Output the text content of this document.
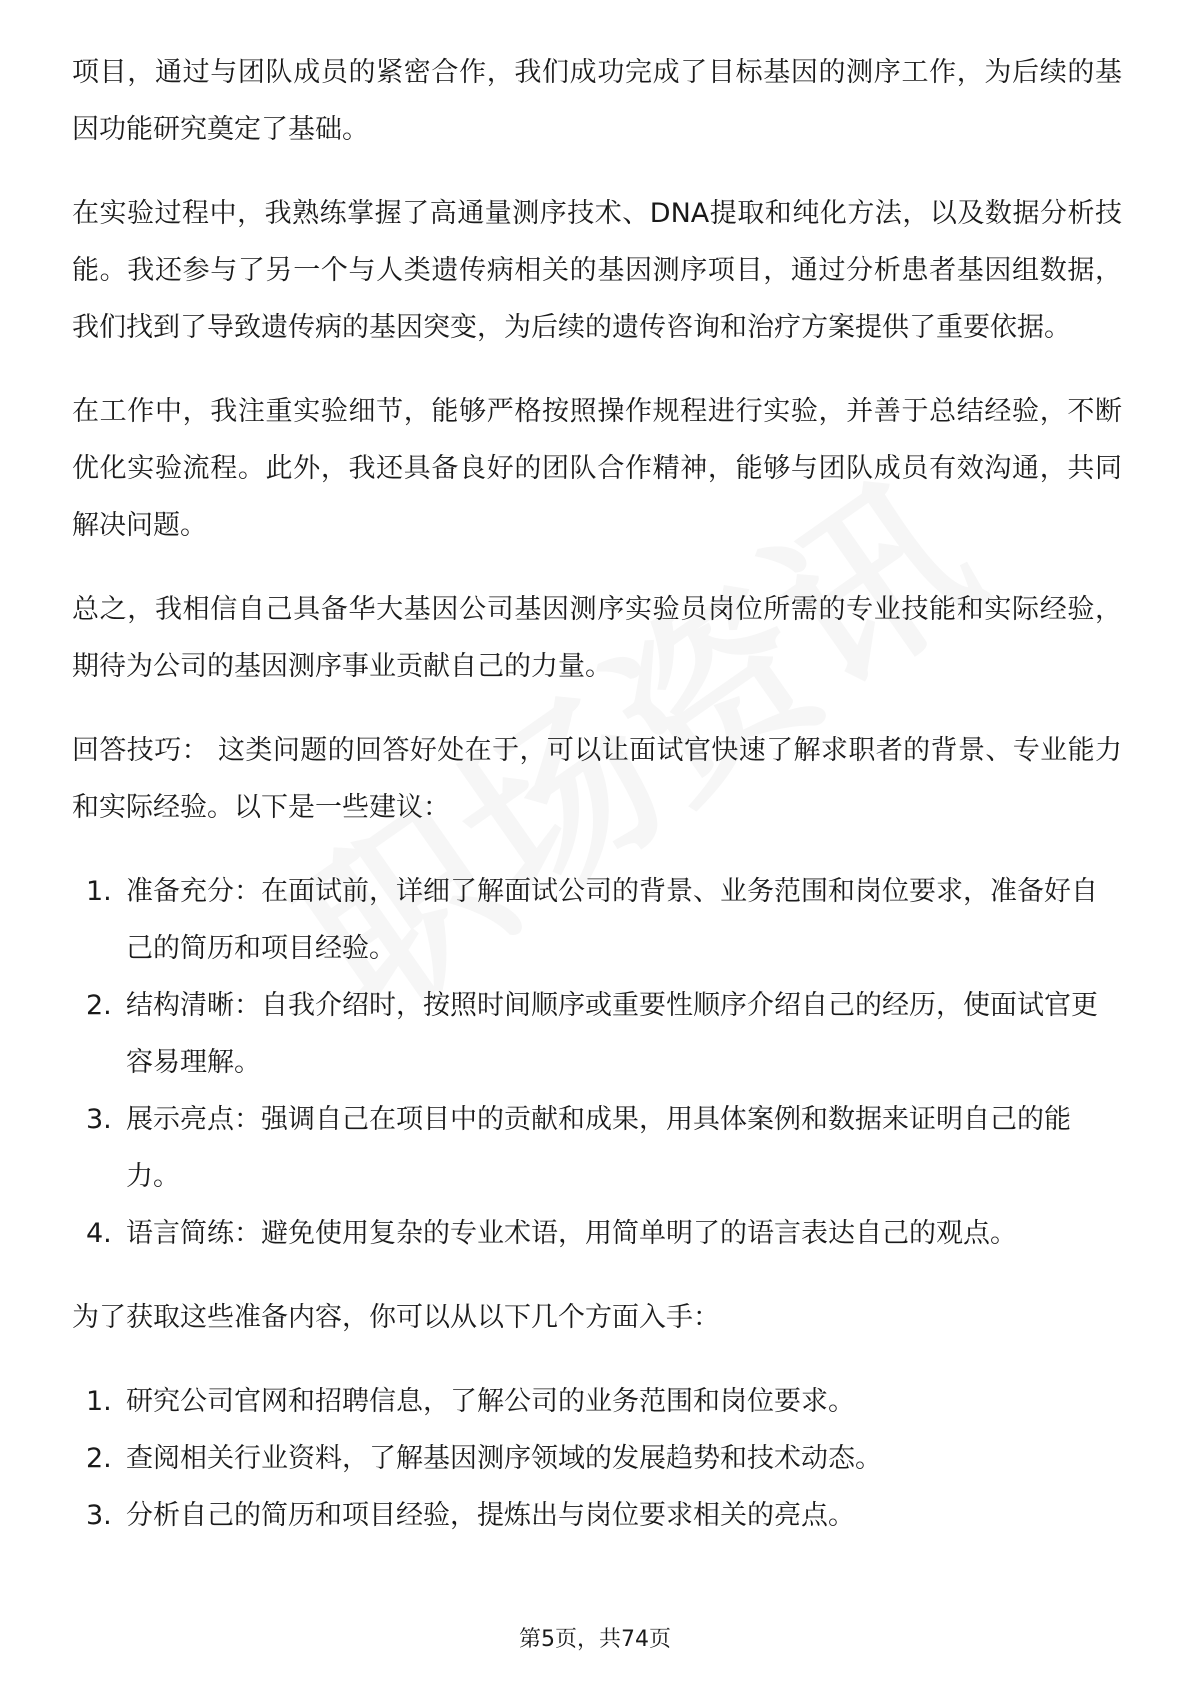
项目，通过与团队成员的紧密合作，我们成功完成了目标基因的测序工作，为后续的基因功能研究奠定了基础。

在实验过程中，我熟练掌握了高通量测序技术、DNA提取和纯化方法，以及数据分析技能。我还参与了另一个与人类遗传病相关的基因测序项目，通过分析患者基因组数据，我们找到了导致遗传病的基因突变，为后续的遗传咨询和治疗方案提供了重要依据。

在工作中，我注重实验细节，能够严格按照操作规程进行实验，并善于总结经验，不断优化实验流程。此外，我还具备良好的团队合作精神，能够与团队成员有效沟通，共同解决问题。

总之，我相信自己具备华大基因公司基因测序实验员岗位所需的专业技能和实际经验，期待为公司的基因测序事业贡献自己的力量。

回答技巧： 这类问题的回答好处在于，可以让面试官快速了解求职者的背景、专业能力和实际经验。以下是一些建议：

1. 准备充分：在面试前，详细了解面试公司的背景、业务范围和岗位要求，准备好自己的简历和项目经验。
2. 结构清晰：自我介绍时，按照时间顺序或重要性顺序介绍自己的经历，使面试官更容易理解。
3. 展示亮点：强调自己在项目中的贡献和成果，用具体案例和数据来证明自己的能力。
4. 语言简练：避免使用复杂的专业术语，用简单明了的语言表达自己的观点。

为了获取这些准备内容，你可以从以下几个方面入手：

1. 研究公司官网和招聘信息，了解公司的业务范围和岗位要求。
2. 查阅相关行业资料，了解基因测序领域的发展趋势和技术动态。
3. 分析自己的简历和项目经验，提炼出与岗位要求相关的亮点。
第5页，共74页
